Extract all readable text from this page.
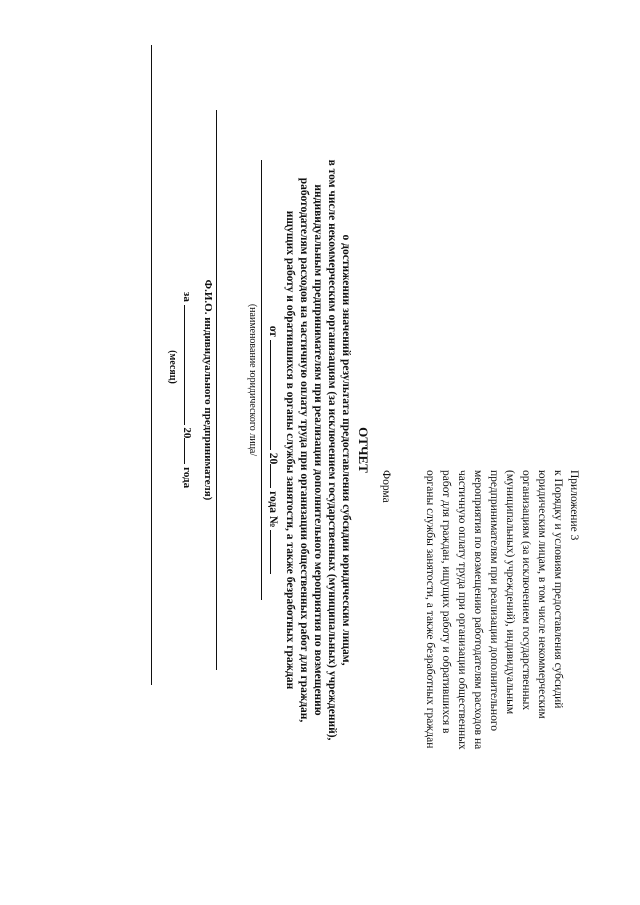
Приложение 3

к Порядку и условиям предоставления субсидий

юридическим лицам, в том числе некоммерческим

организациям (за исключением государственных

(муниципальных) учреждений), индивидуальным

предпринимателям при реализации дополнительного

мероприятия по возмещению работодателям расходов на

частичную оплату труда при организации общественных

работ для граждан, ищущих работу и обратившихся в

органы службы занятости, а также безработных граждан

Форма

ОТЧЕТ

о достижении значений результата предоставления субсидии юридическим лицам,

в том числе некоммерческим организациям (за исключением государственных (муниципальных) учреждений),

индивидуальным предпринимателям при реализации дополнительного мероприятия по возмещению

работодателям расходов на частичную оплату труда при организации общественных работ для граждан,

ищущих работу и обратившихся в органы службы занятости, а также безработных граждан

от  20 года №

(наименование юридического лица/
Ф.И.О. индивидуального предпринимателя)
за  20 года
(месяц)
